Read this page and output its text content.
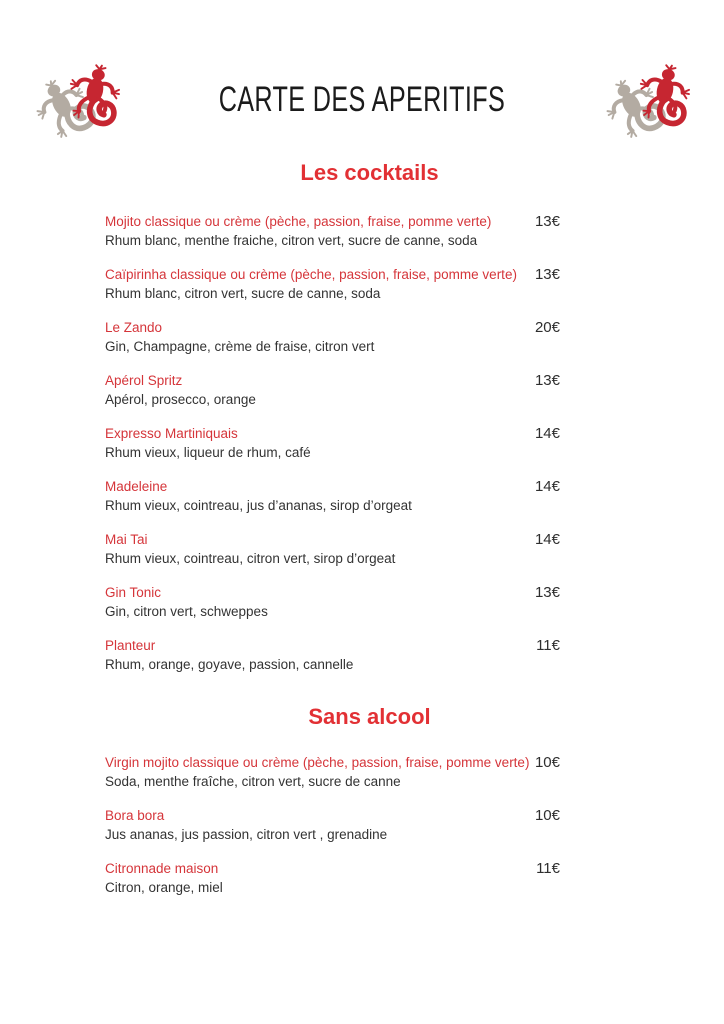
CARTE DES APERITIFS
Les cocktails
Mojito classique ou crème (pèche, passion, fraise, pomme verte)
Rhum blanc, menthe fraiche, citron vert, sucre de canne, soda
13€
Caïpirinha classique ou crème (pèche, passion, fraise, pomme verte)
Rhum blanc, citron vert, sucre de canne, soda
13€
Le Zando
Gin, Champagne, crème de fraise, citron vert
20€
Apérol Spritz
Apérol, prosecco, orange
13€
Expresso Martiniquais
Rhum vieux, liqueur de rhum, café
14€
Madeleine
Rhum vieux, cointreau, jus d’ananas, sirop d’orgeat
14€
Mai Tai
Rhum vieux, cointreau, citron vert, sirop d’orgeat
14€
Gin Tonic
Gin, citron vert, schweppes
13€
Planteur
Rhum, orange, goyave, passion, cannelle
11€
Sans alcool
Virgin mojito classique ou crème (pèche, passion, fraise, pomme verte)
Soda, menthe fraîche, citron vert, sucre de canne
10€
Bora bora
Jus ananas, jus passion, citron vert , grenadine
10€
Citronnade maison
Citron, orange, miel
11€
